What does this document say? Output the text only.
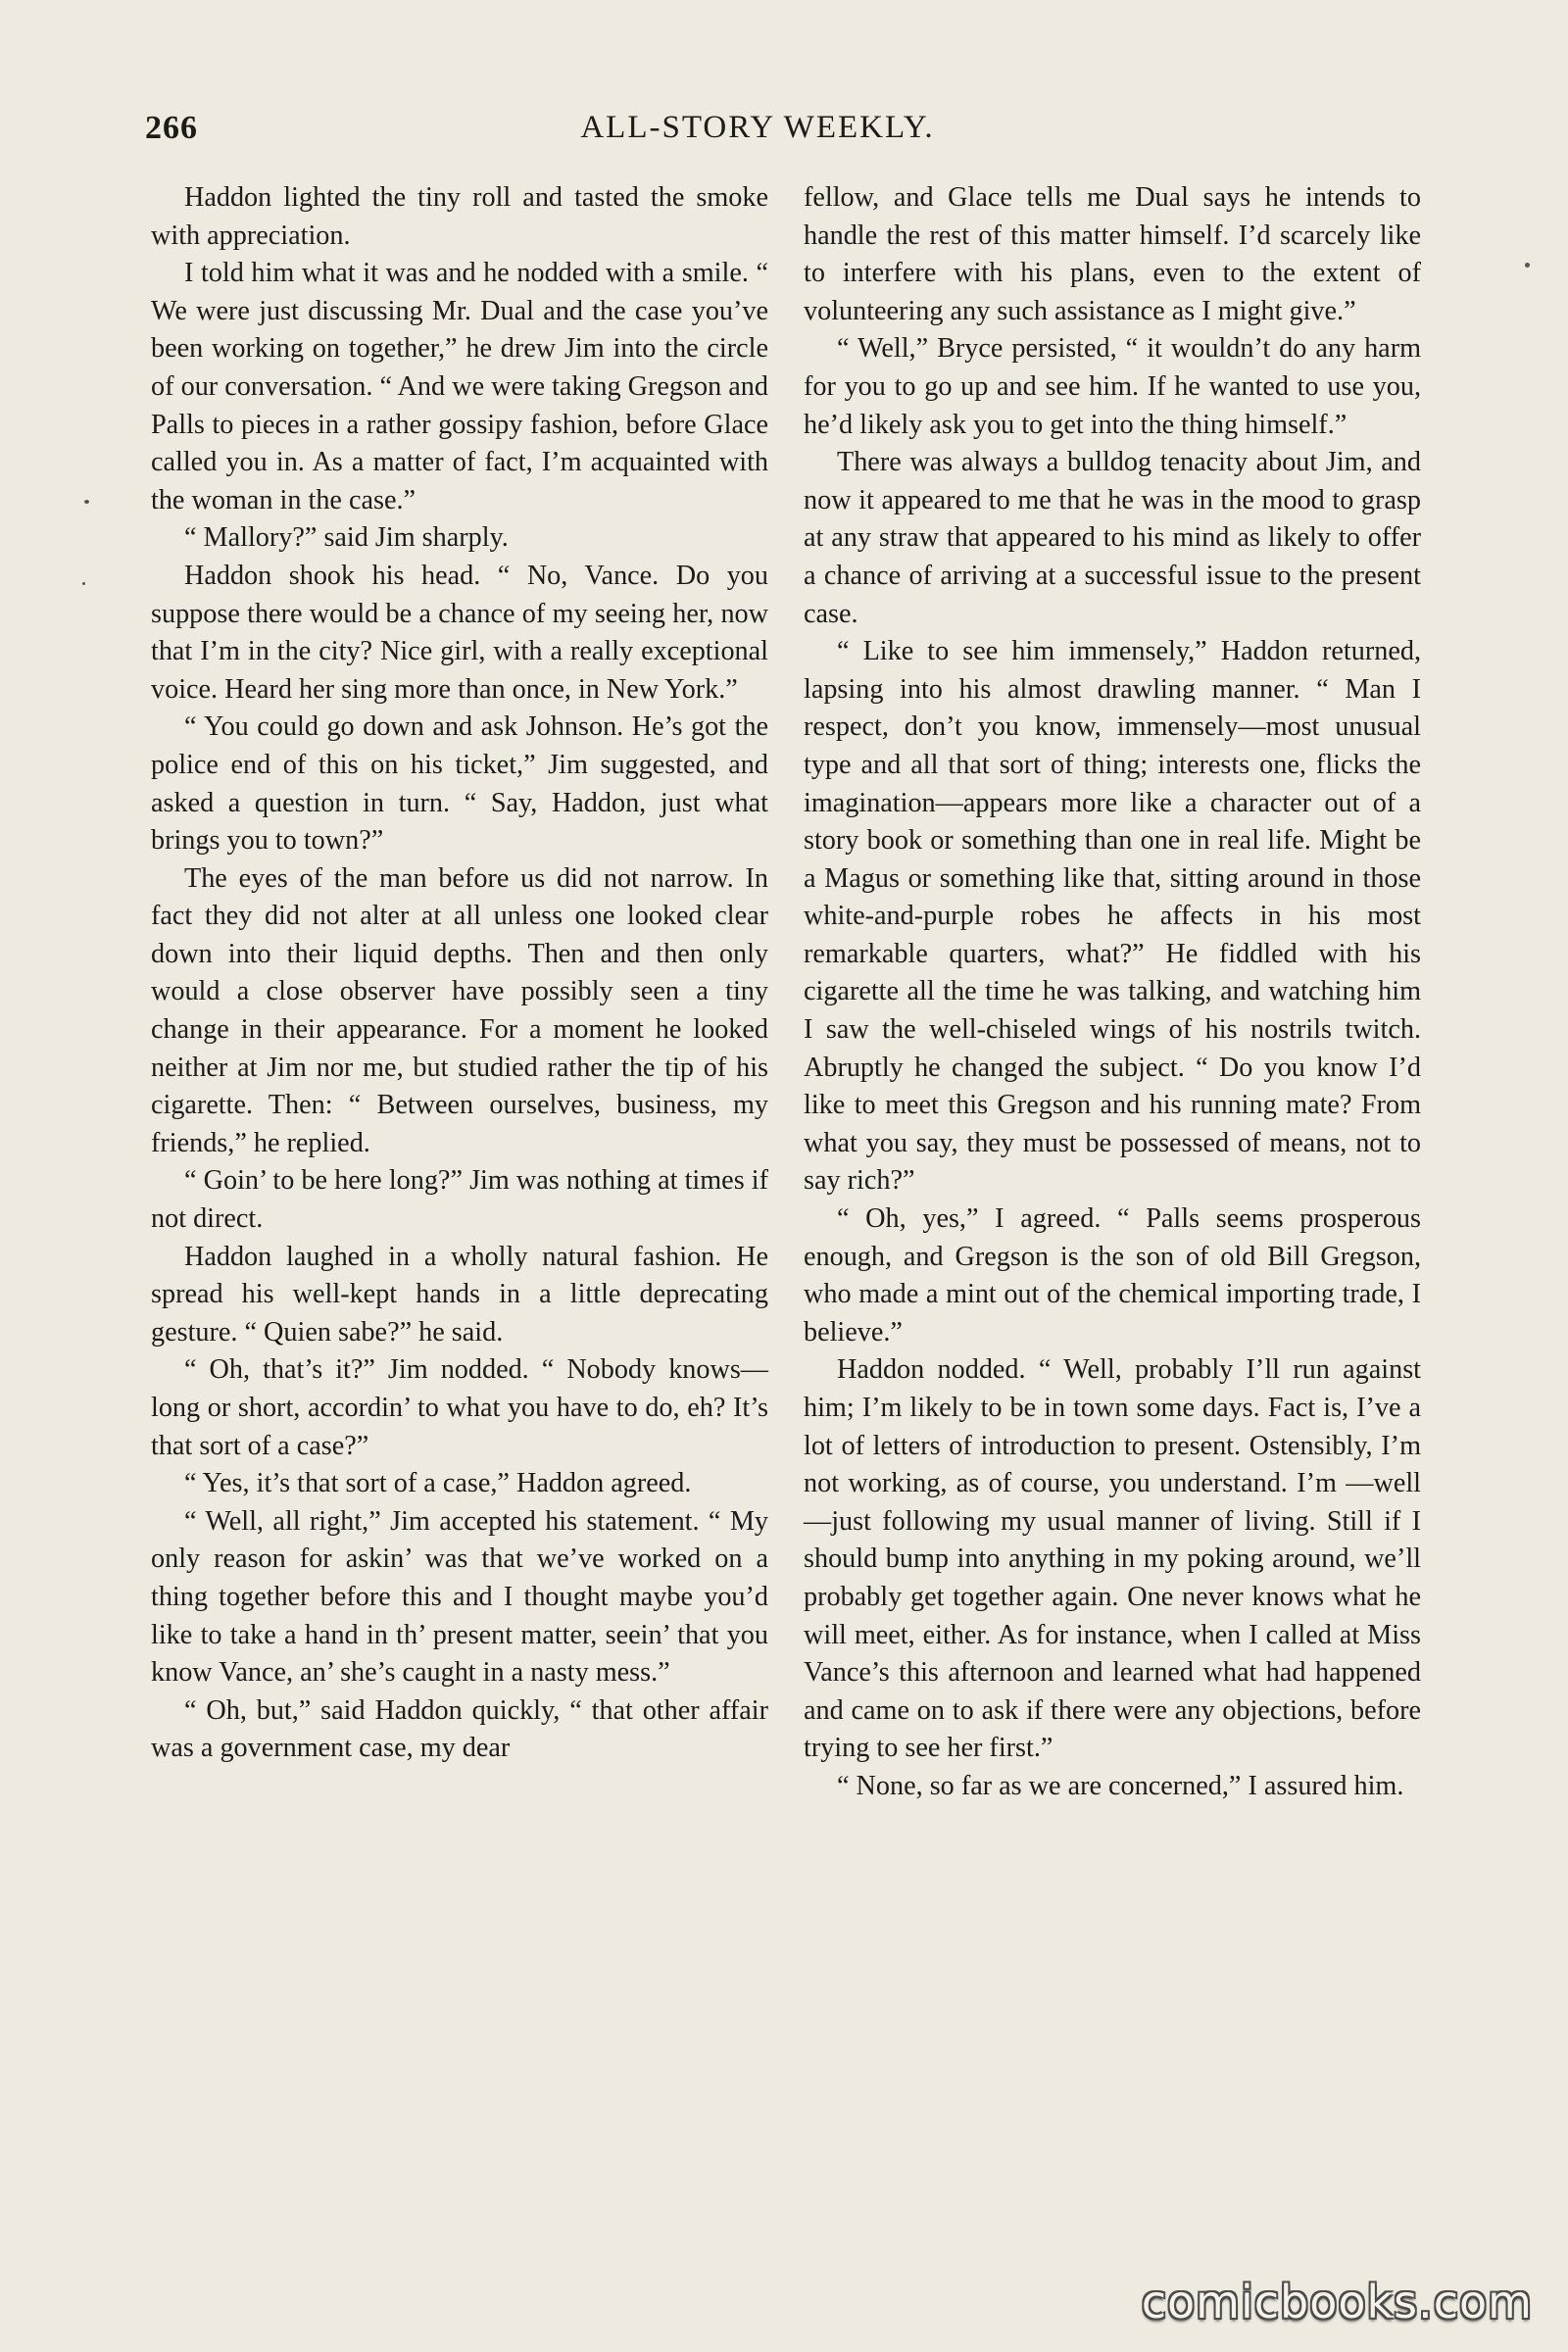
266	ALL-STORY WEEKLY.

Haddon lighted the tiny roll and tasted the smoke with appreciation.

I told him what it was and he nodded with a smile. “ We were just discussing Mr. Dual and the case you’ve been working on together,” he drew Jim into the circle of our conversation. “ And we were taking Gregson and Palls to pieces in a rather gossipy fashion, before Glace called you in. As a matter of fact, I’m acquainted with the woman in the case.”

“ Mallory?” said Jim sharply.

Haddon shook his head. “ No, Vance. Do you suppose there would be a chance of my seeing her, now that I’m in the city? Nice girl, with a really exceptional voice. Heard her sing more than once, in New York.”

“ You could go down and ask Johnson. He’s got the police end of this on his ticket,” Jim suggested, and asked a question in turn. “ Say, Haddon, just what brings you to town?”

The eyes of the man before us did not narrow. In fact they did not alter at all unless one looked clear down into their liquid depths. Then and then only would a close observer have possibly seen a tiny change in their appearance. For a moment he looked neither at Jim nor me, but studied rather the tip of his cigarette. Then: “ Between ourselves, business, my friends,” he replied.

“ Goin’ to be here long?” Jim was nothing at times if not direct.

Haddon laughed in a wholly natural fashion. He spread his well-kept hands in a little deprecating gesture. “ Quien sabe?” he said.

“ Oh, that’s it?” Jim nodded. “ Nobody knows—long or short, accordin’ to what you have to do, eh? It’s that sort of a case?”

“ Yes, it’s that sort of a case,” Haddon agreed.

“ Well, all right,” Jim accepted his statement. “ My only reason for askin’ was that we’ve worked on a thing together before this and I thought maybe you’d like to take a hand in th’ present matter, seein’ that you know Vance, an’ she’s caught in a nasty mess.”

“ Oh, but,” said Haddon quickly, “ that other affair was a government case, my dear

fellow, and Glace tells me Dual says he intends to handle the rest of this matter himself. I’d scarcely like to interfere with his plans, even to the extent of volunteering any such assistance as I might give.”

“ Well,” Bryce persisted, “ it wouldn’t do any harm for you to go up and see him. If he wanted to use you, he’d likely ask you to get into the thing himself.”

There was always a bulldog tenacity about Jim, and now it appeared to me that he was in the mood to grasp at any straw that appeared to his mind as likely to offer a chance of arriving at a successful issue to the present case.

“ Like to see him immensely,” Haddon returned, lapsing into his almost drawling manner. “ Man I respect, don’t you know, immensely—most unusual type and all that sort of thing; interests one, flicks the imagination—appears more like a character out of a story book or something than one in real life. Might be a Magus or something like that, sitting around in those white-and-purple robes he affects in his most remarkable quarters, what?” He fiddled with his cigarette all the time he was talking, and watching him I saw the well-chiseled wings of his nostrils twitch. Abruptly he changed the subject. “ Do you know I’d like to meet this Gregson and his running mate? From what you say, they must be possessed of means, not to say rich?”

“ Oh, yes,” I agreed. “ Palls seems prosperous enough, and Gregson is the son of old Bill Gregson, who made a mint out of the chemical importing trade, I believe.”

Haddon nodded. “ Well, probably I’ll run against him; I’m likely to be in town some days. Fact is, I’ve a lot of letters of introduction to present. Ostensibly, I’m not working, as of course, you understand. I’m —well—just following my usual manner of living. Still if I should bump into anything in my poking around, we’ll probably get together again. One never knows what he will meet, either. As for instance, when I called at Miss Vance’s this afternoon and learned what had happened and came on to ask if there were any objections, before trying to see her first.”

“ None, so far as we are concerned,” I assured him.

comicbooks.com
